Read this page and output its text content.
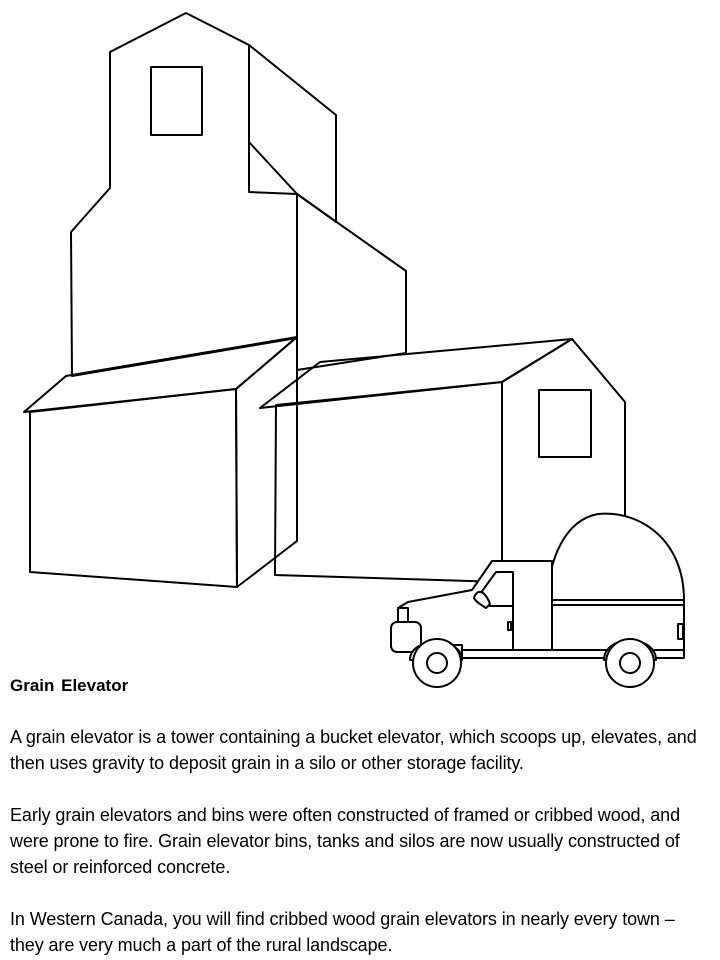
Grain Elevator

A grain elevator is a tower containing a bucket elevator, which scoops up, elevates, and then uses gravity to deposit grain in a silo or other storage facility.

Early grain elevators and bins were often constructed of framed or cribbed wood, and were prone to fire. Grain elevator bins, tanks and silos are now usually constructed of steel or reinforced concrete.

In Western Canada, you will find cribbed wood grain elevators in nearly every town – they are very much a part of the rural landscape.
